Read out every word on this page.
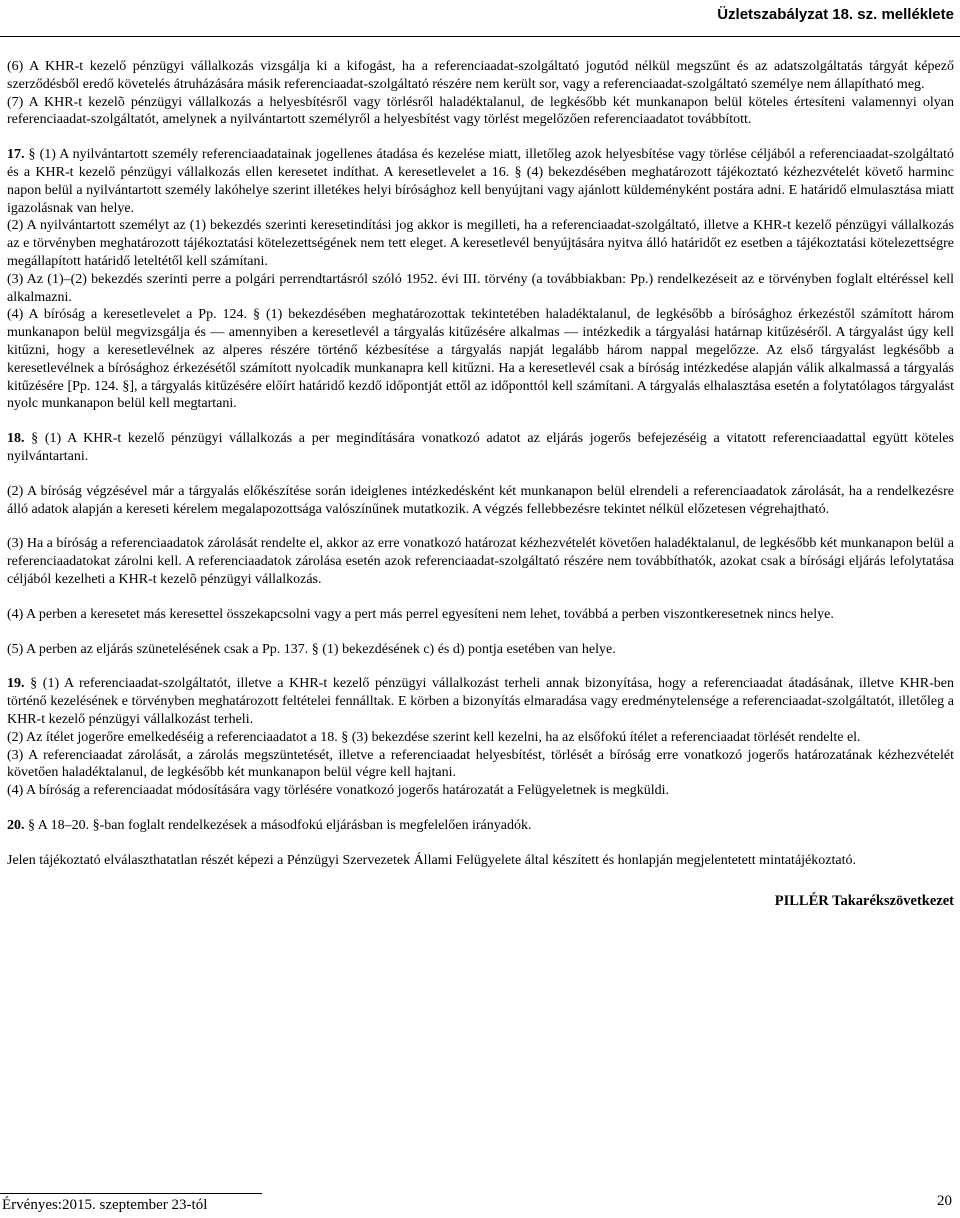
Üzletszabályzat 18. sz. melléklete

(6) A KHR-t kezelő pénzügyi vállalkozás vizsgálja ki a kifogást, ha a referenciaadat-szolgáltató jogutód nélkül megszűnt és az adatszolgáltatás tárgyát képező szerződésből eredő követelés átruházására másik referenciaadat-szolgáltató részére nem került sor, vagy a referenciaadat-szolgáltató személye nem állapítható meg.

(7) A KHR-t kezelõ pénzügyi vállalkozás a helyesbítésről vagy törlésről haladéktalanul, de legkésőbb két munkanapon belül köteles értesíteni valamennyi olyan referenciaadat-szolgáltatót, amelynek a nyilvántartott személyről a helyesbítést vagy törlést megelőzően referenciaadatot továbbított.

17. § (1) A nyilvántartott személy referenciaadatainak jogellenes átadása és kezelése miatt, illetőleg azok helyesbítése vagy törlése céljából a referenciaadat-szolgáltató és a KHR-t kezelő pénzügyi vállalkozás ellen keresetet indíthat. A keresetlevelet a 16. § (4) bekezdésében meghatározott tájékoztató kézhezvételét követő harminc napon belül a nyilvántartott személy lakóhelye szerint illetékes helyi bírósághoz kell benyújtani vagy ajánlott küldeményként postára adni. E határidő elmulasztása miatt igazolásnak van helye.

(2) A nyilvántartott személyt az (1) bekezdés szerinti keresetindítási jog akkor is megilleti, ha a referenciaadat-szolgáltató, illetve a KHR-t kezelő pénzügyi vállalkozás az e törvényben meghatározott tájékoztatási kötelezettségének nem tett eleget. A keresetlevél benyújtására nyitva álló határidőt ez esetben a tájékoztatási kötelezettségre megállapított határidő leteltétől kell számítani.

(3) Az (1)–(2) bekezdés szerinti perre a polgári perrendtartásról szóló 1952. évi III. törvény (a továbbiakban: Pp.) rendelkezéseit az e törvényben foglalt eltéréssel kell alkalmazni.

(4) A bíróság a keresetlevelet a Pp. 124. § (1) bekezdésében meghatározottak tekintetében haladéktalanul, de legkésőbb a bírósághoz érkezéstől számított három munkanapon belül megvizsgálja és — amennyiben a keresetlevél a tárgyalás kitűzésére alkalmas — intézkedik a tárgyalási határnap kitűzéséről. A tárgyalást úgy kell kitűzni, hogy a keresetlevélnek az alperes részére történő kézbesítése a tárgyalás napját legalább három nappal megelőzze. Az első tárgyalást legkésőbb a keresetlevélnek a bírósághoz érkezésétől számított nyolcadik munkanapra kell kitűzni. Ha a keresetlevél csak a bíróság intézkedése alapján válik alkalmassá a tárgyalás kitűzésére [Pp. 124. §], a tárgyalás kitűzésére előírt határidő kezdő időpontját ettől az időponttól kell számítani. A tárgyalás elhalasztása esetén a folytatólagos tárgyalást nyolc munkanapon belül kell megtartani.

18. § (1) A KHR-t kezelő pénzügyi vállalkozás a per megindítására vonatkozó adatot az eljárás jogerős befejezéséig a vitatott referenciaadattal együtt köteles nyilvántartani.

(2) A bíróság végzésével már a tárgyalás előkészítése során ideiglenes intézkedésként két munkanapon belül elrendeli a referenciaadatok zárolását, ha a rendelkezésre álló adatok alapján a kereseti kérelem megalapozottsága valószínűnek mutatkozik. A végzés fellebbezésre tekintet nélkül előzetesen végrehajtható.

(3) Ha a bíróság a referenciaadatok zárolását rendelte el, akkor az erre vonatkozó határozat kézhezvételét követően haladéktalanul, de legkésőbb két munkanapon belül a referenciaadatokat zárolni kell. A referenciaadatok zárolása esetén azok referenciaadat-szolgáltató részére nem továbbíthatók, azokat csak a bírósági eljárás lefolytatása céljából kezelheti a KHR-t kezelõ pénzügyi vállalkozás.

(4) A perben a keresetet más keresettel összekapcsolni vagy a pert más perrel egyesíteni nem lehet, továbbá a perben viszontkeresetnek nincs helye.

(5) A perben az eljárás szünetelésének csak a Pp. 137. § (1) bekezdésének c) és d) pontja esetében van helye.

19. § (1) A referenciaadat-szolgáltatót, illetve a KHR-t kezelő pénzügyi vállalkozást terheli annak bizonyítása, hogy a referenciaadat átadásának, illetve KHR-ben történő kezelésének e törvényben meghatározott feltételei fennálltak. E körben a bizonyítás elmaradása vagy eredménytelensége a referenciaadat-szolgáltatót, illetőleg a KHR-t kezelő pénzügyi vállalkozást terheli.

(2) Az ítélet jogerőre emelkedéséig a referenciaadatot a 18. § (3) bekezdése szerint kell kezelni, ha az elsőfokú ítélet a referenciaadat törlését rendelte el.

(3) A referenciaadat zárolását, a zárolás megszüntetését, illetve a referenciaadat helyesbítést, törlését a bíróság erre vonatkozó jogerős határozatának kézhezvételét követően haladéktalanul, de legkésőbb két munkanapon belül végre kell hajtani.

(4) A bíróság a referenciaadat módosítására vagy törlésére vonatkozó jogerős határozatát a Felügyeletnek is megküldi.

20. § A 18–20. §-ban foglalt rendelkezések a másodfokú eljárásban is megfelelően irányadók.

Jelen tájékoztató elválaszthatatlan részét képezi a Pénzügyi Szervezetek Állami Felügyelete által készített és honlapján megjelentetett mintatájékoztató.

PILLÉR Takarékszövetkezet
Érvényes:2015. szeptember 23-tól	20
